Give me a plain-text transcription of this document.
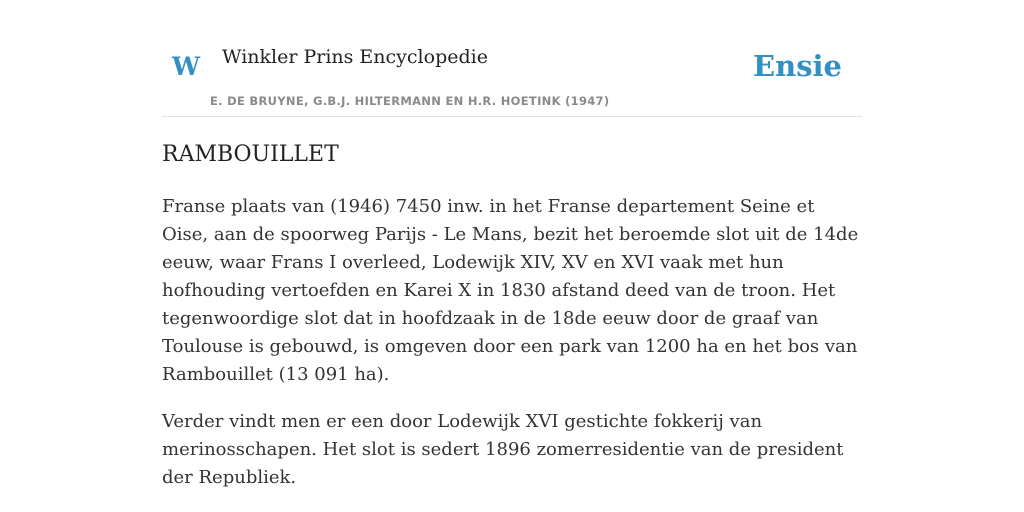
W Winkler Prins Encyclopedie
E. DE BRUYNE, G.B.J. HILTERMANN EN H.R. HOETINK (1947)
Ensie
RAMBOUILLET

Franse plaats van (1946) 7450 inw. in het Franse departement Seine et Oise, aan de spoorweg Parijs - Le Mans, bezit het beroemde slot uit de 14de eeuw, waar Frans I overleed, Lodewijk XIV, XV en XVI vaak met hun hofhouding vertoefden en Karei X in 1830 afstand deed van de troon. Het tegenwoordige slot dat in hoofdzaak in de 18de eeuw door de graaf van Toulouse is gebouwd, is omgeven door een park van 1200 ha en het bos van Rambouillet (13 091 ha).

Verder vindt men er een door Lodewijk XVI gestichte fokkerij van merinosschapen. Het slot is sedert 1896 zomerresidentie van de president der Republiek.
